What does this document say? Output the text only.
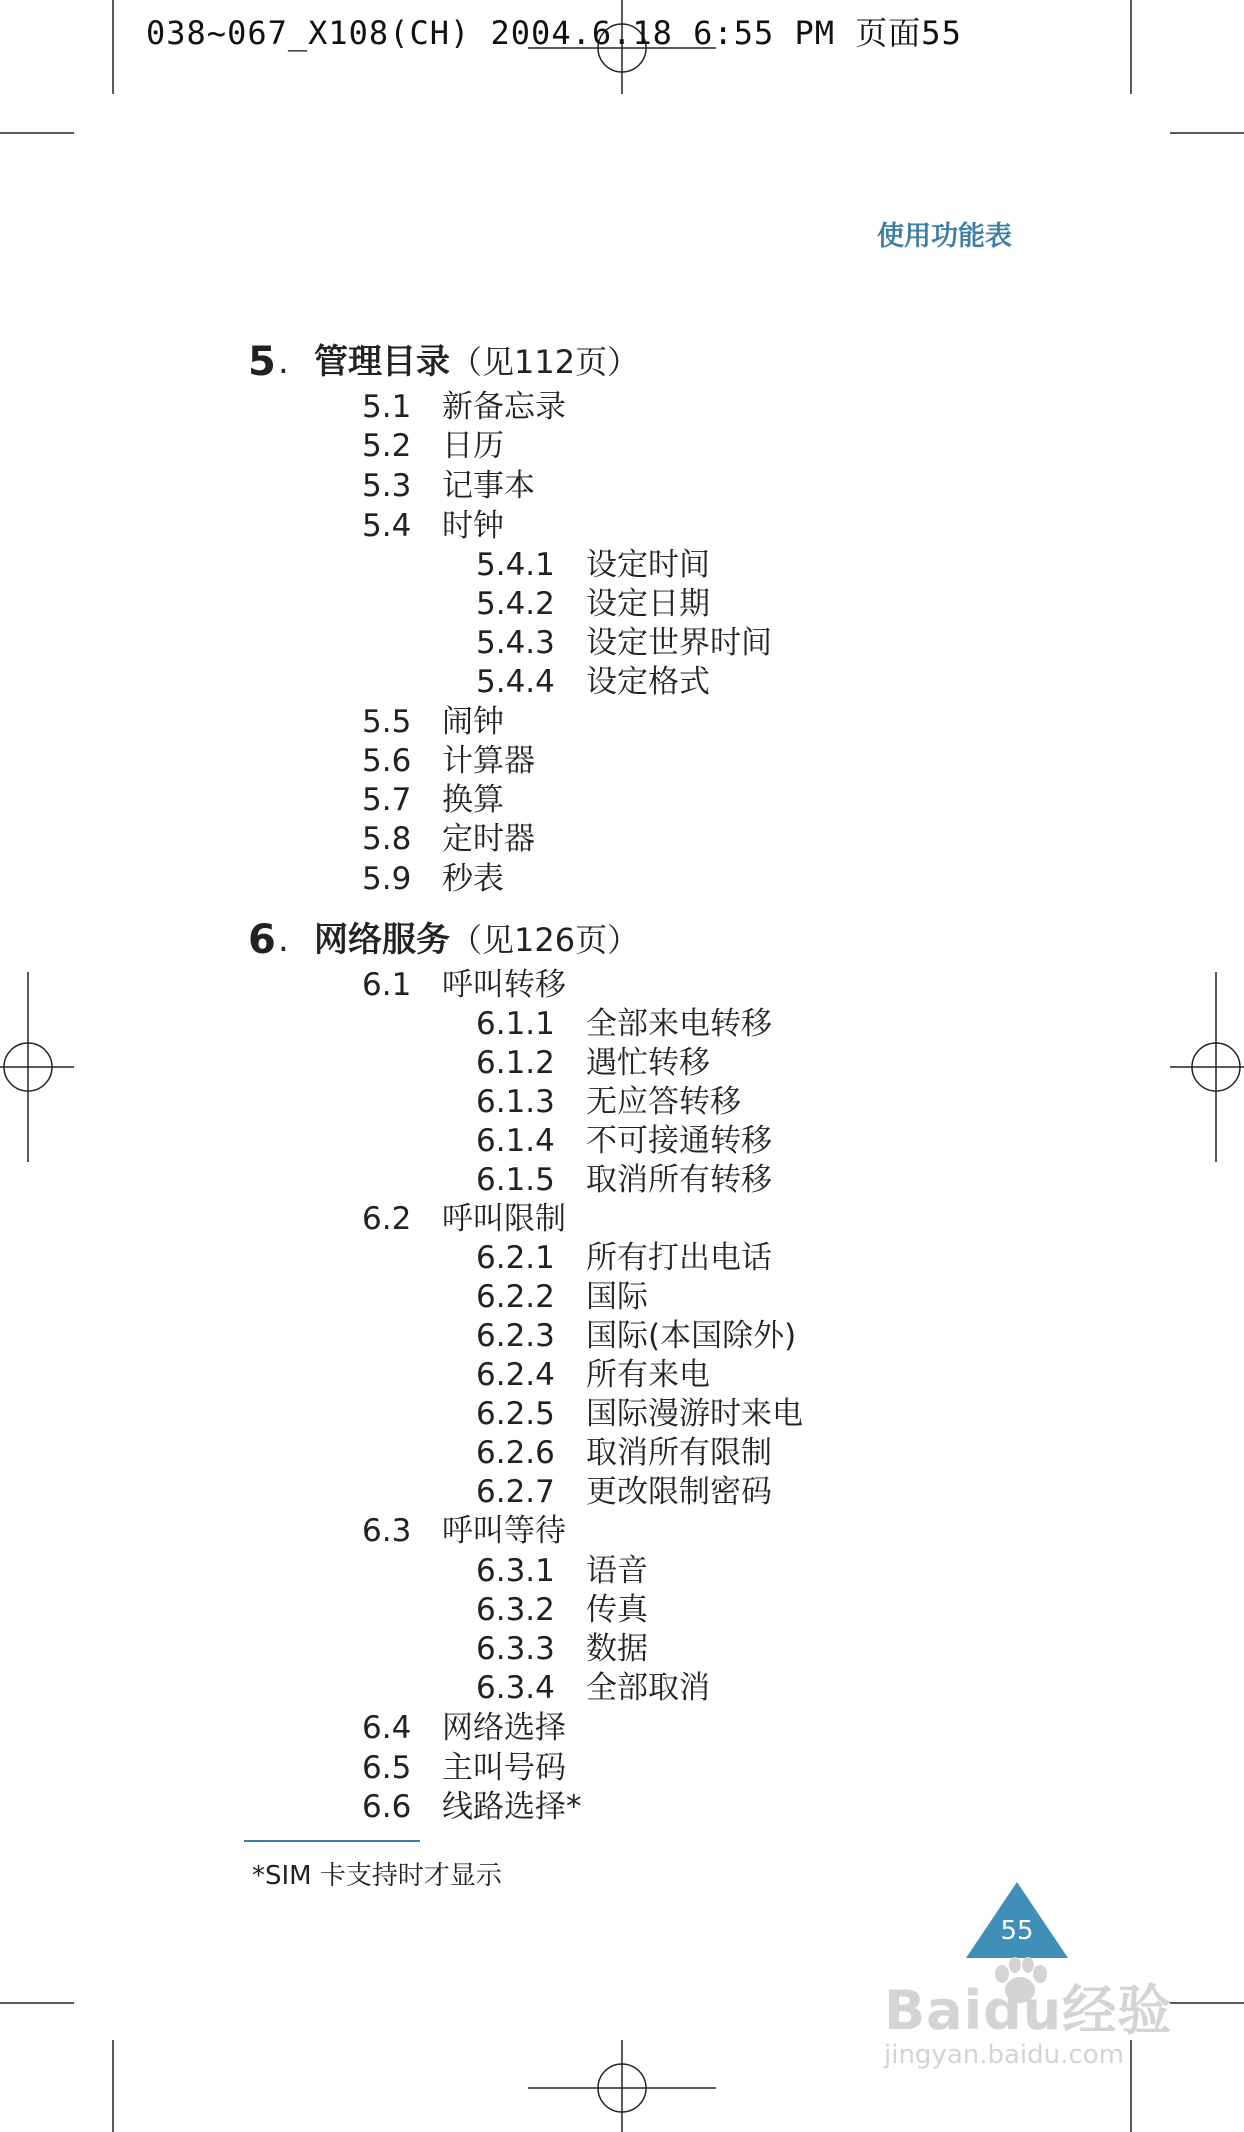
038~067_X108(CH) 2004.6.18 6:55 PM 页面55
使用功能表
5 . 管理目录（见112页）
5.1 新备忘录
5.2 日历
5.3 记事本
5.4 时钟
5.4.1 设定时间
5.4.2 设定日期
5.4.3 设定世界时间
5.4.4 设定格式
5.5 闹钟
5.6 计算器
5.7 换算
5.8 定时器
5.9 秒表
6 . 网络服务（见126页）
6.1 呼叫转移
6.1.1 全部来电转移
6.1.2 遇忙转移
6.1.3 无应答转移
6.1.4 不可接通转移
6.1.5 取消所有转移
6.2 呼叫限制
6.2.1 所有打出电话
6.2.2 国际
6.2.3 国际(本国除外)
6.2.4 所有来电
6.2.5 国际漫游时来电
6.2.6 取消所有限制
6.2.7 更改限制密码
6.3 呼叫等待
6.3.1 语音
6.3.2 传真
6.3.3 数据
6.3.4 全部取消
6.4 网络选择
6.5 主叫号码
6.6 线路选择*
*SIM 卡支持时才显示
55
Baidu经验
jingyan.baidu.com
